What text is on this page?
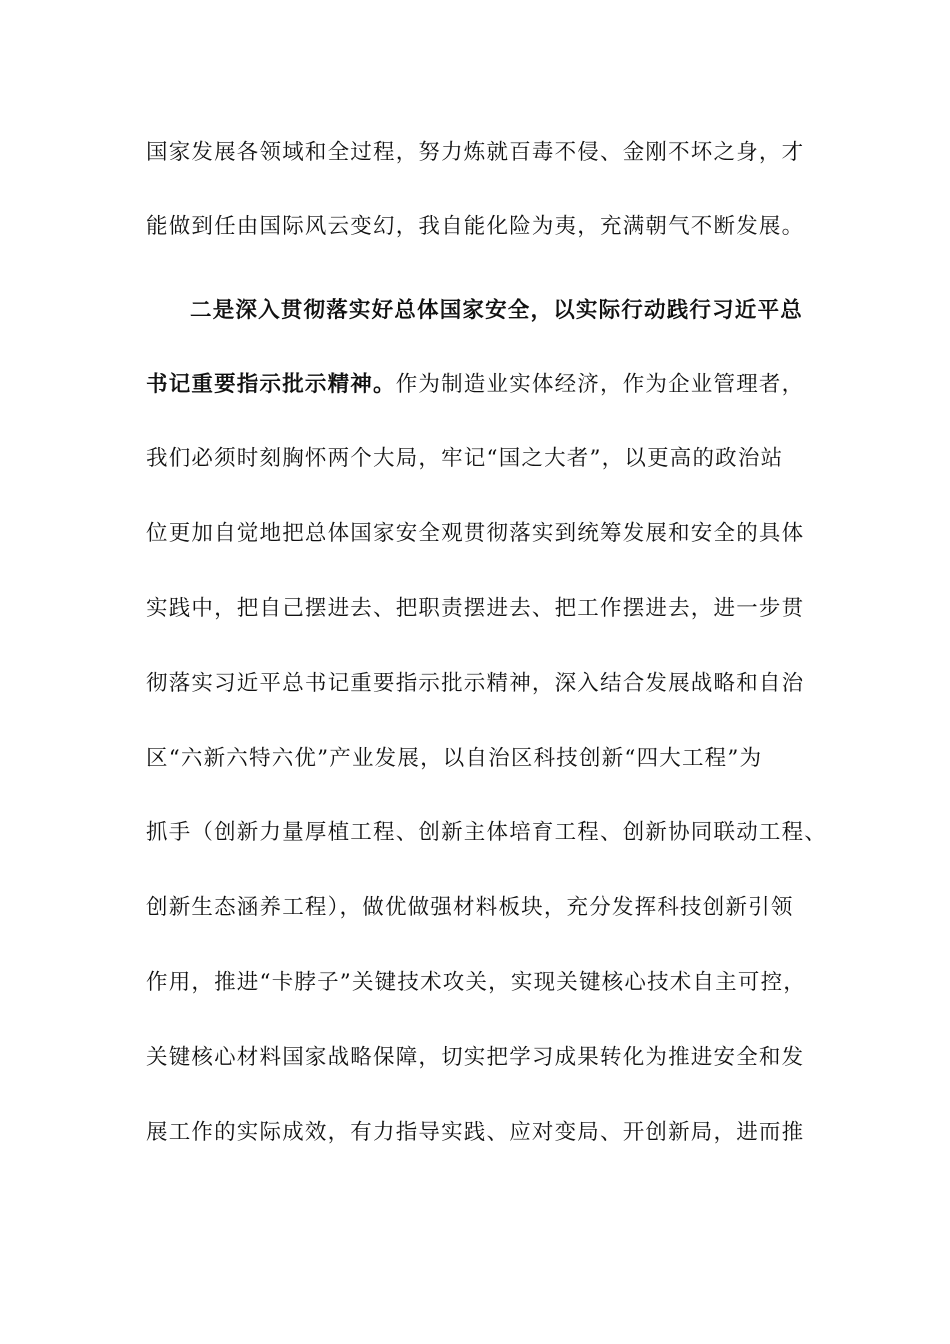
国家发展各领域和全过程，努力炼就百毒不侵、金刚不坏之身，才
能做到任由国际风云变幻，我自能化险为夷，充满朝气不断发展。
二是深入贯彻落实好总体国家安全，以实际行动践行习近平总
书记重要指示批示精神。作为制造业实体经济，作为企业管理者，
我们必须时刻胸怀两个大局，牢记“国之大者”，以更高的政治站
位更加自觉地把总体国家安全观贯彻落实到统筹发展和安全的具体
实践中，把自己摆进去、把职责摆进去、把工作摆进去，进一步贯
彻落实习近平总书记重要指示批示精神，深入结合发展战略和自治
区“六新六特六优”产业发展，以自治区科技创新“四大工程”为
抓手（创新力量厚植工程、创新主体培育工程、创新协同联动工程、
创新生态涵养工程），做优做强材料板块，充分发挥科技创新引领
作用，推进“卡脖子”关键技术攻关，实现关键核心技术自主可控，
关键核心材料国家战略保障，切实把学习成果转化为推进安全和发
展工作的实际成效，有力指导实践、应对变局、开创新局，进而推
